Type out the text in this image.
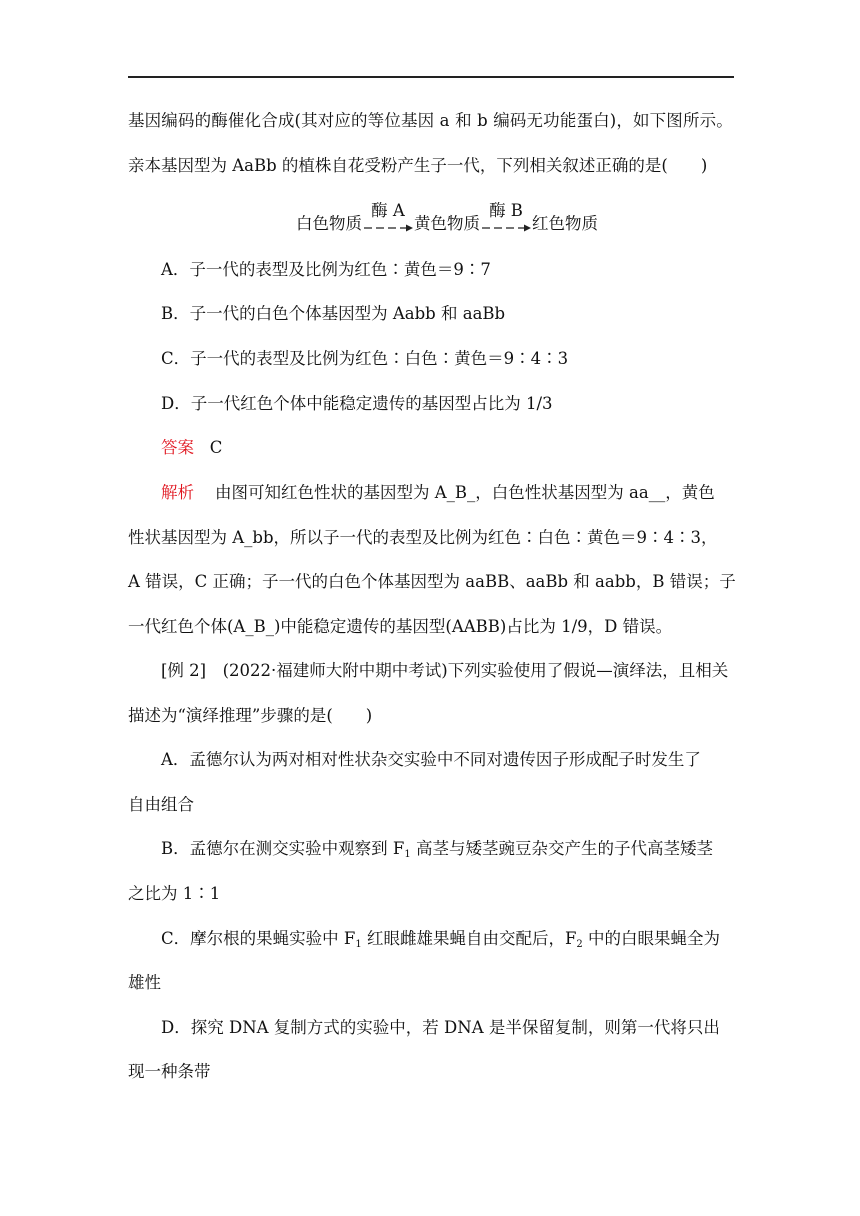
基因编码的酶催化合成(其对应的等位基因 a 和 b 编码无功能蛋白)，如下图所示。
亲本基因型为 AaBb 的植株自花受粉产生子一代，下列相关叙述正确的是(　　)
白色物质
酶 A
黄色物质
酶 B
红色物质
A．子一代的表型及比例为红色∶黄色＝9∶7
B．子一代的白色个体基因型为 Aabb 和 aaBb
C．子一代的表型及比例为红色∶白色∶黄色＝9∶4∶3
D．子一代红色个体中能稳定遗传的基因型占比为 1/3
答案 C
解析 由图可知红色性状的基因型为 A_B_，白色性状基因型为 aa__，黄色
性状基因型为 A_bb，所以子一代的表型及比例为红色∶白色∶黄色＝9∶4∶3，
A 错误，C 正确；子一代的白色个体基因型为 aaBB、aaBb 和 aabb，B 错误；子
一代红色个体(A_B_)中能稳定遗传的基因型(AABB)占比为 1/9，D 错误。
[例 2]　(2022·福建师大附中期中考试)下列实验使用了假说—演绎法，且相关
描述为“演绎推理”步骤的是(　　)
A．孟德尔认为两对相对性状杂交实验中不同对遗传因子形成配子时发生了
自由组合
B．孟德尔在测交实验中观察到 $F_1$ 高茎与矮茎豌豆杂交产生的子代高茎矮茎
之比为 1∶1
C．摩尔根的果蝇实验中 $F_1$ 红眼雌雄果蝇自由交配后，$F_2$ 中的白眼果蝇全为
雄性
D．探究 DNA 复制方式的实验中，若 DNA 是半保留复制，则第一代将只出
现一种条带
